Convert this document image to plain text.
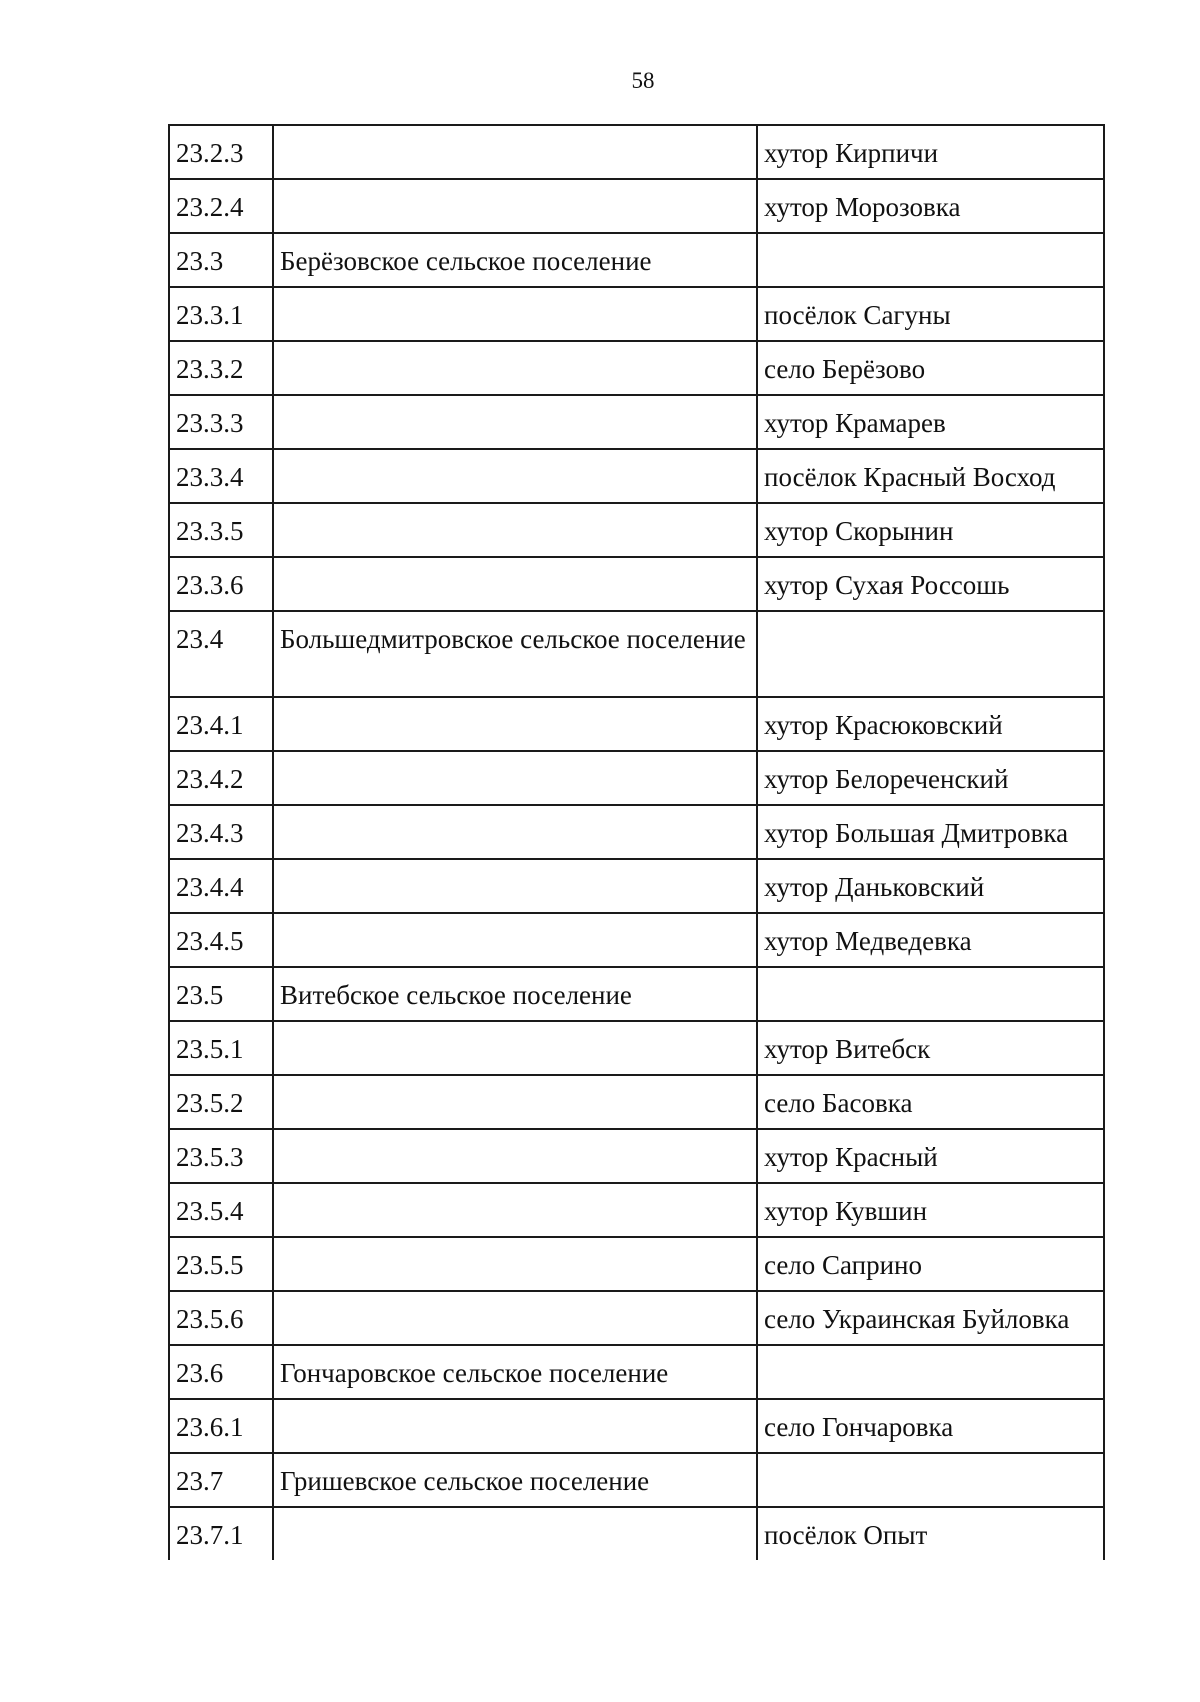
58
23.2.3		хутор Кирпичи
23.2.4		хутор Морозовка
23.3	Берёзовское сельское поселение	
23.3.1		посёлок Сагуны
23.3.2		село Берёзово
23.3.3		хутор Крамарев
23.3.4		посёлок Красный Восход
23.3.5		хутор Скорынин
23.3.6		хутор Сухая Россошь
23.4	Большедмитровское сельское поселение	
23.4.1		хутор Красюковский
23.4.2		хутор Белореченский
23.4.3		хутор Большая Дмитровка
23.4.4		хутор Даньковский
23.4.5		хутор Медведевка
23.5	Витебское сельское поселение	
23.5.1		хутор Витебск
23.5.2		село Басовка
23.5.3		хутор Красный
23.5.4		хутор Кувшин
23.5.5		село Саприно
23.5.6		село Украинская Буйловка
23.6	Гончаровское сельское поселение	
23.6.1		село Гончаровка
23.7	Гришевское сельское поселение	
23.7.1		посёлок Опыт
